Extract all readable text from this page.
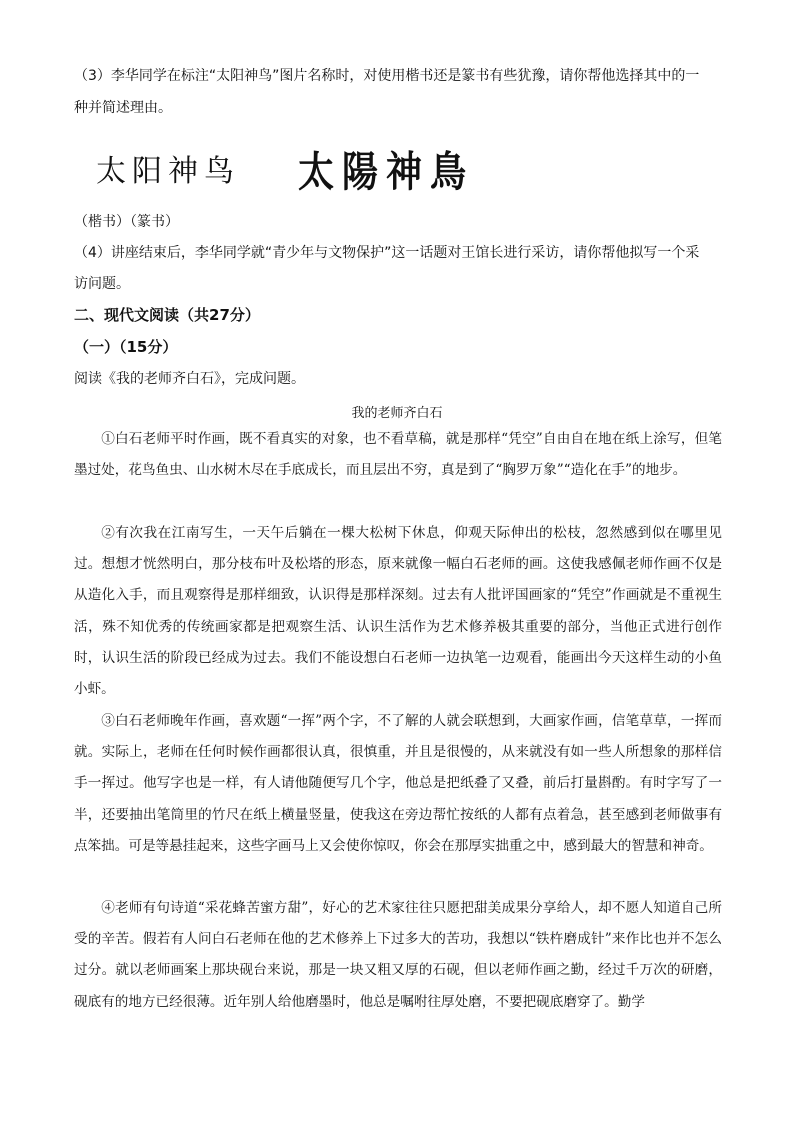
（3）李华同学在标注“太阳神鸟”图片名称时，对使用楷书还是篆书有些犹豫，请你帮他选择其中的一
种并简述理由。
太阳神鸟 太陽神鳥
（楷书）（篆书）
（4）讲座结束后，李华同学就“青少年与文物保护”这一话题对王馆长进行采访，请你帮他拟写一个采
访问题。
二、现代文阅读（共27分）
（一）（15分）
阅读《我的老师齐白石》，完成问题。
我的老师齐白石

①白石老师平时作画，既不看真实的对象，也不看草稿，就是那样“凭空”自由自在地在纸上涂写，但笔墨过处，花鸟鱼虫、山水树木尽在手底成长，而且层出不穷，真是到了“胸罗万象”“造化在手”的地步。

②有次我在江南写生，一天午后躺在一棵大松树下休息，仰观天际伸出的松枝，忽然感到似在哪里见过。想想才恍然明白，那分枝布叶及松塔的形态，原来就像一幅白石老师的画。这使我感佩老师作画不仅是从造化入手，而且观察得是那样细致，认识得是那样深刻。过去有人批评国画家的“凭空”作画就是不重视生活，殊不知优秀的传统画家都是把观察生活、认识生活作为艺术修养极其重要的部分，当他正式进行创作时，认识生活的阶段已经成为过去。我们不能设想白石老师一边执笔一边观看，能画出今天这样生动的小鱼小虾。

③白石老师晚年作画，喜欢题“一挥”两个字，不了解的人就会联想到，大画家作画，信笔草草，一挥而就。实际上，老师在任何时候作画都很认真，很慎重，并且是很慢的，从来就没有如一些人所想象的那样信手一挥过。他写字也是一样，有人请他随便写几个字，他总是把纸叠了又叠，前后打量斟酌。有时字写了一半，还要抽出笔筒里的竹尺在纸上横量竖量，使我这在旁边帮忙按纸的人都有点着急，甚至感到老师做事有点笨拙。可是等悬挂起来，这些字画马上又会使你惊叹，你会在那厚实拙重之中，感到最大的智慧和神奇。

④老师有句诗道“采花蜂苦蜜方甜”，好心的艺术家往往只愿把甜美成果分享给人，却不愿人知道自己所受的辛苦。假若有人问白石老师在他的艺术修养上下过多大的苦功，我想以“铁杵磨成针”来作比也并不怎么过分。就以老师画案上那块砚台来说，那是一块又粗又厚的石砚，但以老师作画之勤，经过千万次的研磨，砚底有的地方已经很薄。近年别人给他磨墨时，他总是嘱咐往厚处磨，不要把砚底磨穿了。勤学
